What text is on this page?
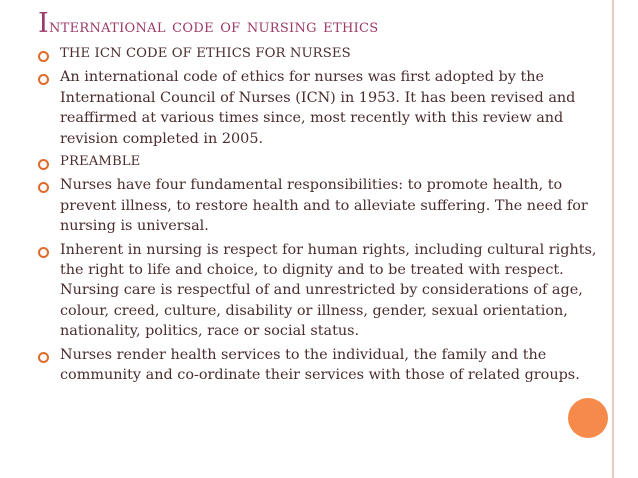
International code of nursing ethics
THE ICN CODE OF ETHICS FOR NURSES
An international code of ethics for nurses was first adopted by the International Council of Nurses (ICN) in 1953. It has been revised and reaffirmed at various times since, most recently with this review and revision completed in 2005.
PREAMBLE
Nurses have four fundamental responsibilities: to promote health, to prevent illness, to restore health and to alleviate suffering. The need for nursing is universal.
Inherent in nursing is respect for human rights, including cultural rights, the right to life and choice, to dignity and to be treated with respect. Nursing care is respectful of and unrestricted by considerations of age, colour, creed, culture, disability or illness, gender, sexual orientation, nationality, politics, race or social status.
Nurses render health services to the individual, the family and the community and co-ordinate their services with those of related groups.
